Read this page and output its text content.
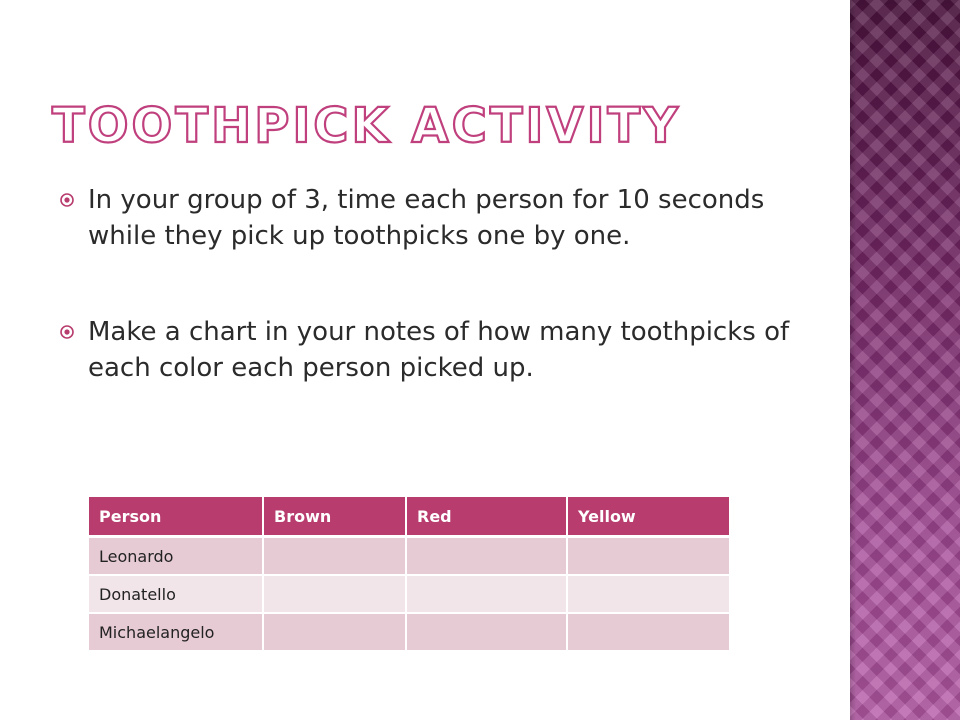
TOOTHPICK ACTIVITY
In your group of 3, time each person for 10 seconds while they pick up toothpicks one by one.
Make a chart in your notes of how many toothpicks of each color each person picked up.
Person	Brown	Red	Yellow
Leonardo			
Donatello			
Michaelangelo			
